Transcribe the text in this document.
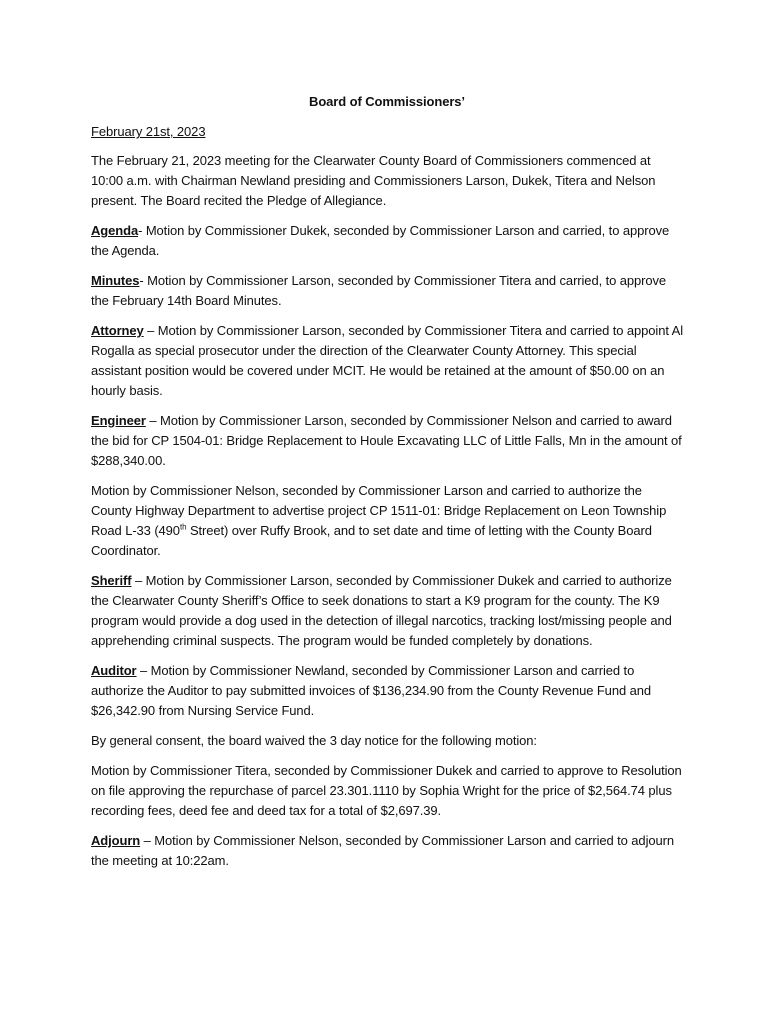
Board of Commissioners’
February 21st, 2023

The February 21, 2023 meeting for the Clearwater County Board of Commissioners commenced at 10:00 a.m. with Chairman Newland presiding and Commissioners Larson, Dukek, Titera and Nelson present. The Board recited the Pledge of Allegiance.

Agenda- Motion by Commissioner Dukek, seconded by Commissioner Larson and carried, to approve the Agenda.

Minutes- Motion by Commissioner Larson, seconded by Commissioner Titera and carried, to approve the February 14th Board Minutes.

Attorney – Motion by Commissioner Larson, seconded by Commissioner Titera and carried to appoint Al Rogalla as special prosecutor under the direction of the Clearwater County Attorney. This special assistant position would be covered under MCIT. He would be retained at the amount of $50.00 on an hourly basis.

Engineer – Motion by Commissioner Larson, seconded by Commissioner Nelson and carried to award the bid for CP 1504-01: Bridge Replacement to Houle Excavating LLC of Little Falls, Mn in the amount of $288,340.00.

Motion by Commissioner Nelson, seconded by Commissioner Larson and carried to authorize the County Highway Department to advertise project CP 1511-01: Bridge Replacement on Leon Township Road L-33 (490th Street) over Ruffy Brook, and to set date and time of letting with the County Board Coordinator.

Sheriff – Motion by Commissioner Larson, seconded by Commissioner Dukek and carried to authorize the Clearwater County Sheriff’s Office to seek donations to start a K9 program for the county. The K9 program would provide a dog used in the detection of illegal narcotics, tracking lost/missing people and apprehending criminal suspects. The program would be funded completely by donations.

Auditor – Motion by Commissioner Newland, seconded by Commissioner Larson and carried to authorize the Auditor to pay submitted invoices of $136,234.90 from the County Revenue Fund and $26,342.90 from Nursing Service Fund.

By general consent, the board waived the 3 day notice for the following motion:

Motion by Commissioner Titera, seconded by Commissioner Dukek and carried to approve to Resolution on file approving the repurchase of parcel 23.301.1110 by Sophia Wright for the price of $2,564.74 plus recording fees, deed fee and deed tax for a total of $2,697.39.

Adjourn – Motion by Commissioner Nelson, seconded by Commissioner Larson and carried to adjourn the meeting at 10:22am.
